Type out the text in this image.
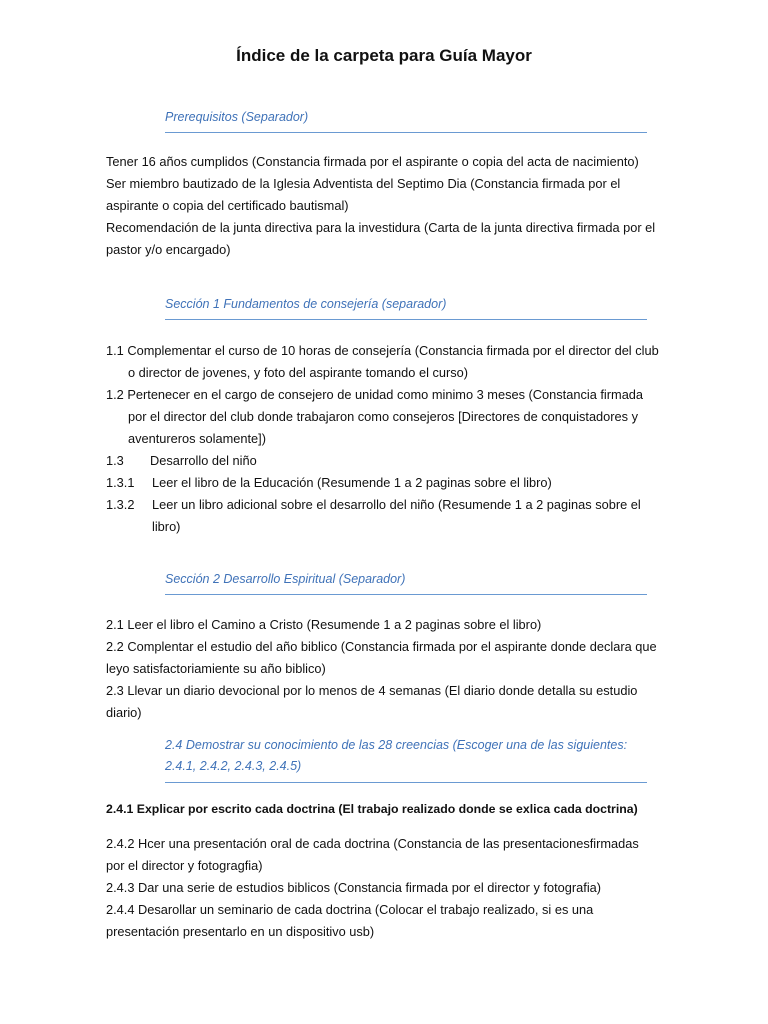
Índice de la carpeta para Guía Mayor
Prerequisitos (Separador)
Tener 16 años cumplidos (Constancia firmada por el aspirante o copia del acta de nacimiento)
Ser miembro bautizado de la Iglesia Adventista del Septimo Dia (Constancia firmada por el
aspirante o copia del certificado bautismal)
Recomendación de la junta directiva para la investidura (Carta de la junta directiva firmada por el
pastor y/o encargado)
Sección 1 Fundamentos de consejería (separador)
1.1 Complementar el curso de 10 horas de consejería (Constancia firmada por el director del club
o director de jovenes, y foto del aspirante tomando el curso)
1.2 Pertenecer en el cargo de consejero de unidad como minimo 3 meses (Constancia firmada
por el director del club donde trabajaron como consejeros [Directores de conquistadores y
aventureros solamente])
1.3 Desarrollo del niño
1.3.1 Leer el libro de la Educación (Resumende 1 a 2 paginas sobre el libro)
1.3.2 Leer un libro adicional sobre el desarrollo del niño (Resumende 1 a 2 paginas sobre el
libro)
Sección 2 Desarrollo Espiritual (Separador)
2.1 Leer el libro el Camino a Cristo (Resumende 1 a 2 paginas sobre el libro)
2.2 Complentar el estudio del año biblico (Constancia firmada por el aspirante donde declara que
leyo satisfactoriamiente su año biblico)
2.3 Llevar un diario devocional por lo menos de 4 semanas (El diario donde detalla su estudio
diario)
2.4 Demostrar su conocimiento de las 28 creencias (Escoger una de las siguientes:
2.4.1, 2.4.2, 2.4.3, 2.4.5)
2.4.1 Explicar por escrito cada doctrina (El trabajo realizado donde se exlica cada doctrina)
2.4.2 Hcer una presentación oral de cada doctrina (Constancia de las presentacionesfirmadas
por el director y fotogragfia)
2.4.3 Dar una serie de estudios biblicos (Constancia firmada por el director y fotografia)
2.4.4 Desarollar un seminario de cada doctrina (Colocar el trabajo realizado, si es una
presentación presentarlo en un dispositivo usb)
